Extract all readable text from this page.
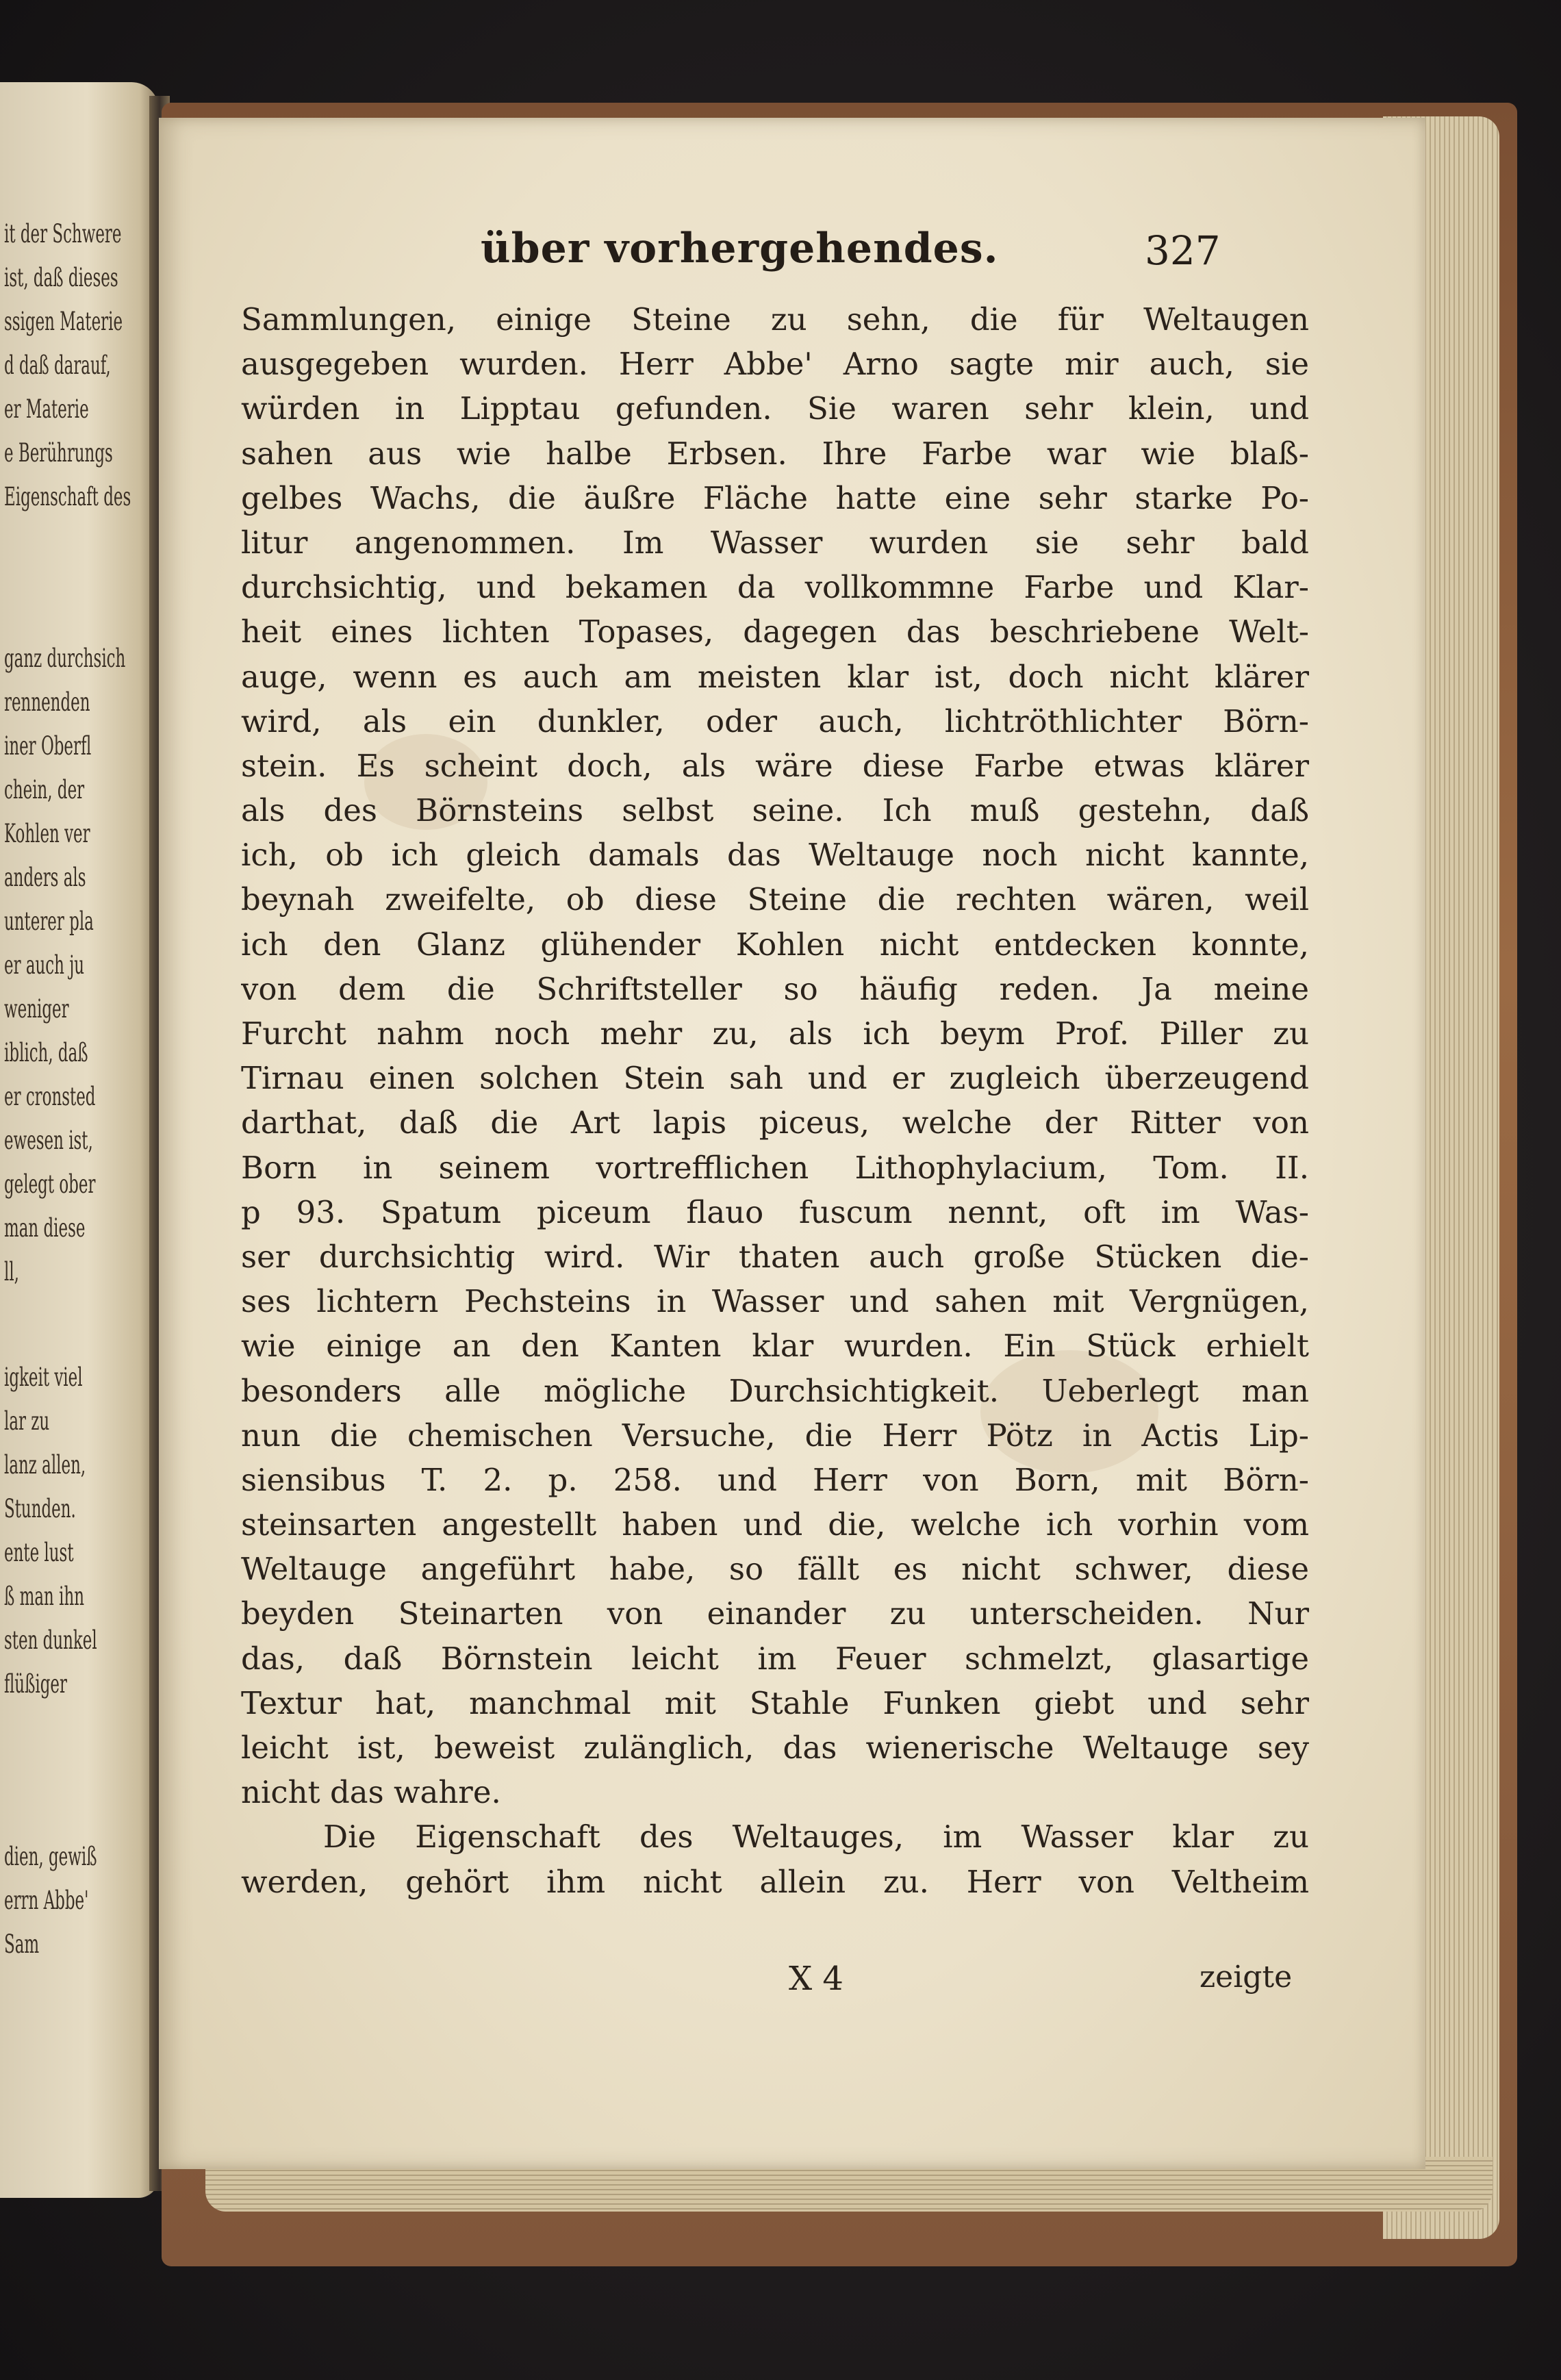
it der Schwere
ist, daß dieses
ssigen Materie
d daß darauf,
er Materie
e Berührungs
Eigenschaft des
ganz durchsich
rennenden
iner Oberfl
chein, der
Kohlen ver
anders als
unterer pla
er auch ju
weniger
iblich, daß
er cronsted
ewesen ist,
gelegt ober
man diese
ll,
igkeit viel
lar zu
lanz allen,
Stunden.
ente lust
ß man ihn
sten dunkel
flüßiger
dien, gewiß
errn Abbe'
Sam
über vorhergehendes.	327
Sammlungen, einige Steine zu sehn, die für Weltaugen
ausgegeben wurden. Herr Abbe' Arno sagte mir auch, sie
würden in Lipptau gefunden. Sie waren sehr klein, und
sahen aus wie halbe Erbsen. Ihre Farbe war wie blaß-
gelbes Wachs, die äußre Fläche hatte eine sehr starke Po-
litur angenommen. Im Wasser wurden sie sehr bald
durchsichtig, und bekamen da vollkommne Farbe und Klar-
heit eines lichten Topases, dagegen das beschriebene Welt-
auge, wenn es auch am meisten klar ist, doch nicht klärer
wird, als ein dunkler, oder auch, lichtröthlichter Börn-
stein. Es scheint doch, als wäre diese Farbe etwas klärer
als des Börnsteins selbst seine. Ich muß gestehn, daß
ich, ob ich gleich damals das Weltauge noch nicht kannte,
beynah zweifelte, ob diese Steine die rechten wären, weil
ich den Glanz glühender Kohlen nicht entdecken konnte,
von dem die Schriftsteller so häufig reden. Ja meine
Furcht nahm noch mehr zu, als ich beym Prof. Piller zu
Tirnau einen solchen Stein sah und er zugleich überzeugend
darthat, daß die Art lapis piceus, welche der Ritter von
Born in seinem vortrefflichen Lithophylacium, Tom. II.
p 93. Spatum piceum flauo fuscum nennt, oft im Was-
ser durchsichtig wird. Wir thaten auch große Stücken die-
ses lichtern Pechsteins in Wasser und sahen mit Vergnügen,
wie einige an den Kanten klar wurden. Ein Stück erhielt
besonders alle mögliche Durchsichtigkeit. Ueberlegt man
nun die chemischen Versuche, die Herr Pötz in Actis Lip-
siensibus T. 2. p. 258. und Herr von Born, mit Börn-
steinsarten angestellt haben und die, welche ich vorhin vom
Weltauge angeführt habe, so fällt es nicht schwer, diese
beyden Steinarten von einander zu unterscheiden. Nur
das, daß Börnstein leicht im Feuer schmelzt, glasartige
Textur hat, manchmal mit Stahle Funken giebt und sehr
leicht ist, beweist zulänglich, das wienerische Weltauge sey
nicht das wahre.
Die Eigenschaft des Weltauges, im Wasser klar zu
werden, gehört ihm nicht allein zu. Herr von Veltheim
X 4	zeigte
